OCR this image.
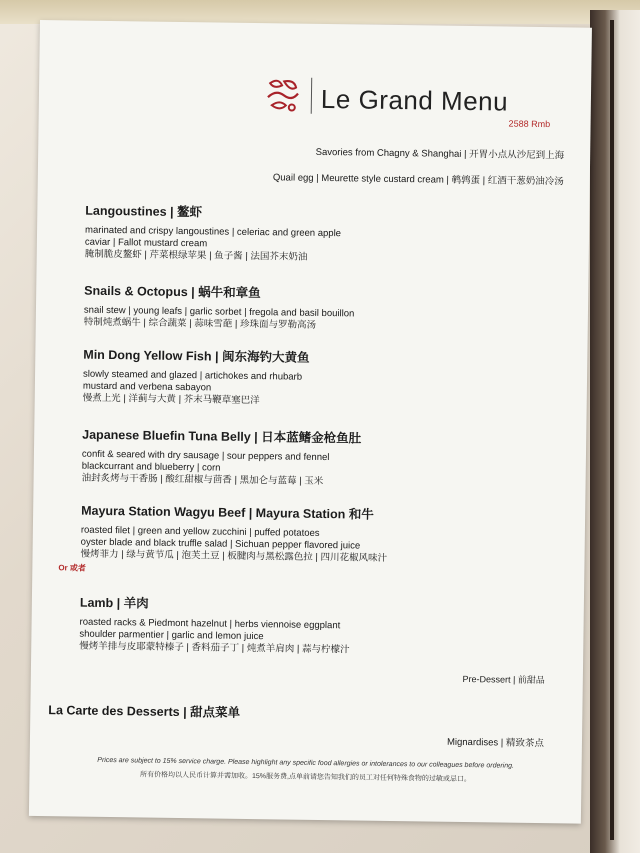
Le Grand Menu
2588 Rmb
Savories from Chagny & Shanghai | 开胃小点从沙尼到上海
Quail egg | Meurette style custard cream | 鹌鹑蛋 | 红酒干葱奶油冷汤
Langoustines | 鳌虾
marinated and crispy langoustines | celeriac and green apple
caviar | Fallot mustard cream
腌制脆皮鳌虾 | 芹菜根绿苹果 | 鱼子酱 | 法国芥末奶油
Snails & Octopus | 蜗牛和章鱼
snail stew | young leafs | garlic sorbet | fregola and basil bouillon
特制炖煮蜗牛 | 综合蔬菜 | 蒜味雪葩 | 珍珠面与罗勒高汤
Min Dong Yellow Fish | 闽东海钓大黄鱼
slowly steamed and glazed | artichokes and rhubarb
mustard and verbena sabayon
慢煮上光 | 洋蓟与大黄 | 芥末马鞭草塞巴洋
Japanese Bluefin Tuna Belly | 日本蓝鳍金枪鱼肚
confit & seared with dry sausage | sour peppers and fennel
blackcurrant and blueberry | corn
油封炙烤与干香肠 | 酸红甜椒与茴香 | 黑加仑与蓝莓 | 玉米
Mayura Station Wagyu Beef | Mayura Station 和牛
roasted filet | green and yellow zucchini | puffed potatoes
oyster blade and black truffle salad | Sichuan pepper flavored juice
慢烤菲力 | 绿与黄节瓜 | 泡芙土豆 | 板腱肉与黑松露色拉 | 四川花椒风味汁
Or 或者
Lamb | 羊肉
roasted racks & Piedmont hazelnut | herbs viennoise eggplant
shoulder parmentier | garlic and lemon juice
慢烤羊排与皮耶蒙特榛子 | 香料茄子丁 | 炖煮羊肩肉 | 蒜与柠檬汁
Pre-Dessert | 前甜品
La Carte des Desserts | 甜点菜单
Mignardises | 精致茶点
Prices are subject to 15% service charge. Please highlight any specific food allergies or intolerances to our colleagues before ordering.
所有价格均以人民币计算并需加收。15%服务费,点单前请您告知我们的员工对任何特殊食物的过敏或忌口。
